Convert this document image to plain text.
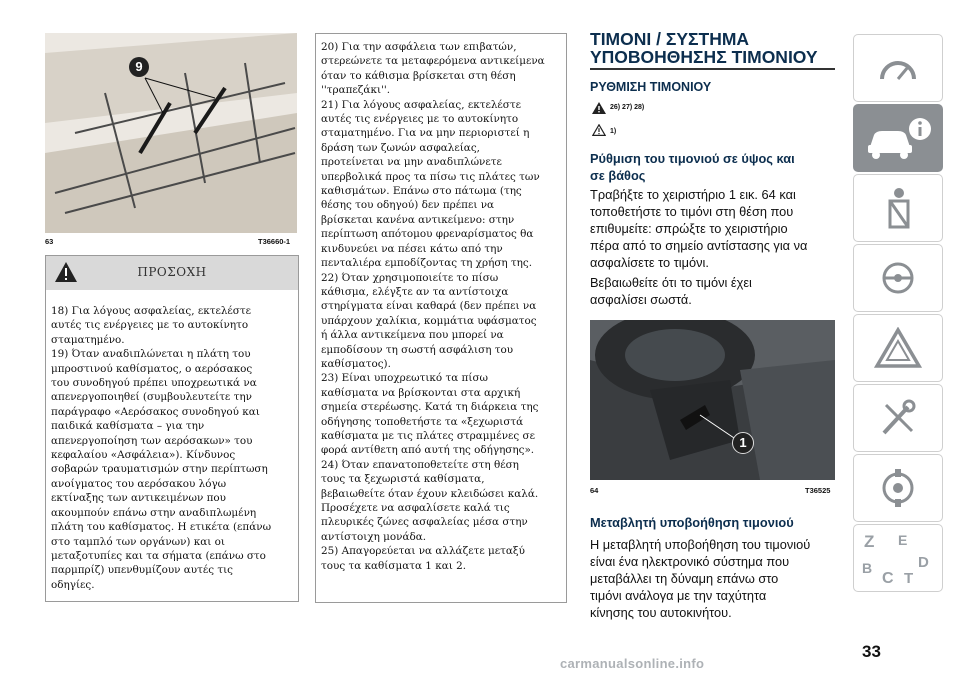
9
63	T36660-1
ΠΡΟΣΟΧΗ
18) Για λόγους ασφαλείας, εκτελέστε
αυτές τις ενέργειες με το αυτοκίνητο
σταματημένο.
19) Όταν αναδιπλώνεται η πλάτη του
μπροστινού καθίσματος, ο αερόσακος
του συνοδηγού πρέπει υποχρεωτικά να
απενεργοποιηθεί (συμβουλευτείτε την
παράγραφο «Αερόσακος συνοδηγού και
παιδικά καθίσματα – για την
απενεργοποίηση των αερόσακων» του
κεφαλαίου «Ασφάλεια»). Κίνδυνος
σοβαρών τραυματισμών στην περίπτωση
ανοίγματος του αερόσακου λόγω
εκτίναξης των αντικειμένων που
ακουμπούν επάνω στην αναδιπλωμένη
πλάτη του καθίσματος. Η ετικέτα (επάνω
στο ταμπλό των οργάνων) και οι
μεταξοτυπίες και τα σήματα (επάνω στο
παρμπρίζ) υπενθυμίζουν αυτές τις
οδηγίες.
20) Για την ασφάλεια των επιβατών,
στερεώνετε τα μεταφερόμενα αντικείμενα
όταν το κάθισμα βρίσκεται στη θέση
''τραπεζάκι''.
21) Για λόγους ασφαλείας, εκτελέστε
αυτές τις ενέργειες με το αυτοκίνητο
σταματημένο. Για να μην περιοριστεί η
δράση των ζωνών ασφαλείας,
προτείνεται να μην αναδιπλώνετε
υπερβολικά προς τα πίσω τις πλάτες των
καθισμάτων. Επάνω στο πάτωμα (της
θέσης του οδηγού) δεν πρέπει να
βρίσκεται κανένα αντικείμενο: στην
περίπτωση απότομου φρεναρίσματος θα
κινδυνεύει να πέσει κάτω από την
πενταλιέρα εμποδίζοντας τη χρήση της.
22) Όταν χρησιμοποιείτε το πίσω
κάθισμα, ελέγξτε αν τα αντίστοιχα
στηρίγματα είναι καθαρά (δεν πρέπει να
υπάρχουν χαλίκια, κομμάτια υφάσματος
ή άλλα αντικείμενα που μπορεί να
εμποδίσουν τη σωστή ασφάλιση του
καθίσματος).
23) Είναι υποχρεωτικό τα πίσω
καθίσματα να βρίσκονται στα αρχική
σημεία στερέωσης. Κατά τη διάρκεια της
οδήγησης τοποθετήστε τα «ξεχωριστά
καθίσματα με τις πλάτες στραμμένες σε
φορά αντίθετη από αυτή της οδήγησης».
24) Όταν επανατοποθετείτε στη θέση
τους τα ξεχωριστά καθίσματα,
βεβαιωθείτε όταν έχουν κλειδώσει καλά.
Προσέχετε να ασφαλίσετε καλά τις
πλευρικές ζώνες ασφαλείας μέσα στην
αντίστοιχη μονάδα.
25) Απαγορεύεται να αλλάζετε μεταξύ
τους τα καθίσματα 1 και 2.
ΤΙΜΟΝΙ / ΣΥΣΤΗΜΑ
ΥΠΟΒΟΗΘΗΣΗΣ ΤΙΜΟΝΙΟΥ
ΡΥΘΜΙΣΗ ΤΙΜΟΝΙΟΥ
26) 27) 28)
1)
Ρύθμιση του τιμονιού σε ύψος και
σε βάθος
Τραβήξτε το χειριστήριο 1 εικ. 64 και
τοποθετήστε το τιμόνι στη θέση που
επιθυμείτε: σπρώξτε το χειριστήριο
πέρα από το σημείο αντίστασης για να
ασφαλίσετε το τιμόνι.
Βεβαιωθείτε ότι το τιμόνι έχει
ασφαλίσει σωστά.
1
64	T36525
Μεταβλητή υποβοήθηση τιμονιού
Η μεταβλητή υποβοήθηση του τιμονιού
είναι ένα ηλεκτρονικό σύστημα που
μεταβάλλει τη δύναμη επάνω στο
τιμόνι ανάλογα με την ταχύτητα
κίνησης του αυτοκινήτου.
Z E
B
C T
D
33
carmanualsonline.info
